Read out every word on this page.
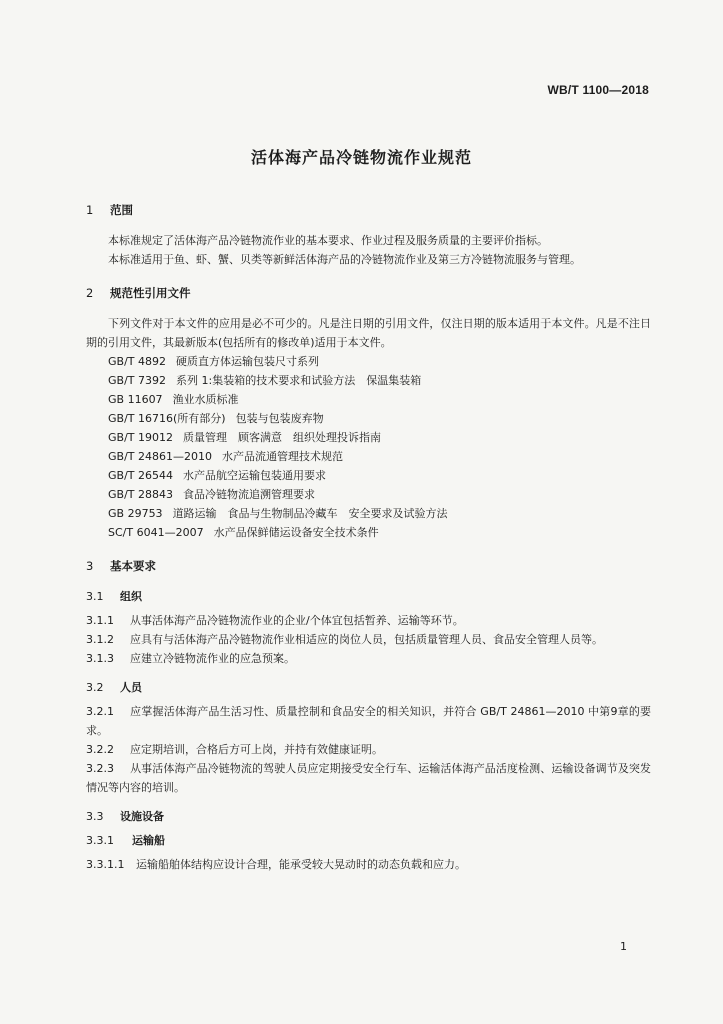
WB/T 1100—2018
活体海产品冷链物流作业规范
1 范围
本标准规定了活体海产品冷链物流作业的基本要求、作业过程及服务质量的主要评价指标。
本标准适用于鱼、虾、蟹、贝类等新鲜活体海产品的冷链物流作业及第三方冷链物流服务与管理。
2 规范性引用文件
下列文件对于本文件的应用是必不可少的。凡是注日期的引用文件，仅注日期的版本适用于本文件。凡是不注日期的引用文件，其最新版本(包括所有的修改单)适用于本文件。
GB/T 4892 硬质直方体运输包装尺寸系列
GB/T 7392 系列 1:集装箱的技术要求和试验方法　保温集装箱
GB 11607 渔业水质标准
GB/T 16716(所有部分) 包装与包装废弃物
GB/T 19012 质量管理　顾客满意　组织处理投诉指南
GB/T 24861—2010 水产品流通管理技术规范
GB/T 26544 水产品航空运输包装通用要求
GB/T 28843 食品冷链物流追溯管理要求
GB 29753 道路运输　食品与生物制品冷藏车　安全要求及试验方法
SC/T 6041—2007 水产品保鲜储运设备安全技术条件
3 基本要求
3.1 组织
3.1.1 从事活体海产品冷链物流作业的企业/个体宜包括暂养、运输等环节。
3.1.2 应具有与活体海产品冷链物流作业相适应的岗位人员，包括质量管理人员、食品安全管理人员等。
3.1.3 应建立冷链物流作业的应急预案。
3.2 人员
3.2.1 应掌握活体海产品生活习性、质量控制和食品安全的相关知识，并符合 GB/T 24861—2010 中第9章的要求。
3.2.2 应定期培训，合格后方可上岗，并持有效健康证明。
3.2.3 从事活体海产品冷链物流的驾驶人员应定期接受安全行车、运输活体海产品活度检测、运输设备调节及突发情况等内容的培训。
3.3 设施设备
3.3.1 运输船
3.3.1.1 运输船舶体结构应设计合理，能承受较大晃动时的动态负载和应力。
1
